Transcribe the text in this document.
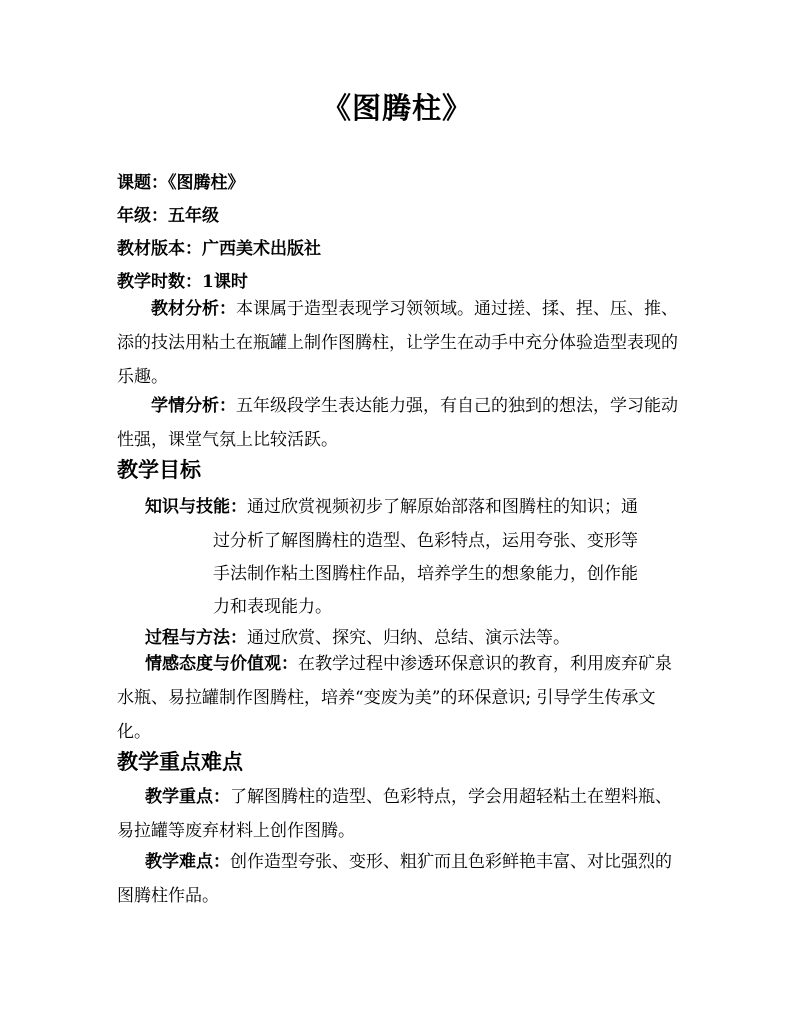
《图腾柱》
课题：《图腾柱》
年级：五年级
教材版本：广西美术出版社
教学时数：1课时
教材分析：本课属于造型表现学习领领域。通过搓、揉、捏、压、推、添的技法用粘土在瓶罐上制作图腾柱，让学生在动手中充分体验造型表现的乐趣。
学情分析：五年级段学生表达能力强，有自己的独到的想法，学习能动性强，课堂气氛上比较活跃。
教学目标
知识与技能：通过欣赏视频初步了解原始部落和图腾柱的知识；通
过分析了解图腾柱的造型、色彩特点，运用夸张、变形等
手法制作粘土图腾柱作品，培养学生的想象能力，创作能
力和表现能力。
过程与方法：通过欣赏、探究、归纳、总结、演示法等。
情感态度与价值观：在教学过程中渗透环保意识的教育，利用废弃矿泉水瓶、易拉罐制作图腾柱，培养“变废为美”的环保意识; 引导学生传承文化。
教学重点难点
教学重点：了解图腾柱的造型、色彩特点，学会用超轻粘土在塑料瓶、易拉罐等废弃材料上创作图腾。
教学难点：创作造型夸张、变形、粗犷而且色彩鲜艳丰富、对比强烈的图腾柱作品。
